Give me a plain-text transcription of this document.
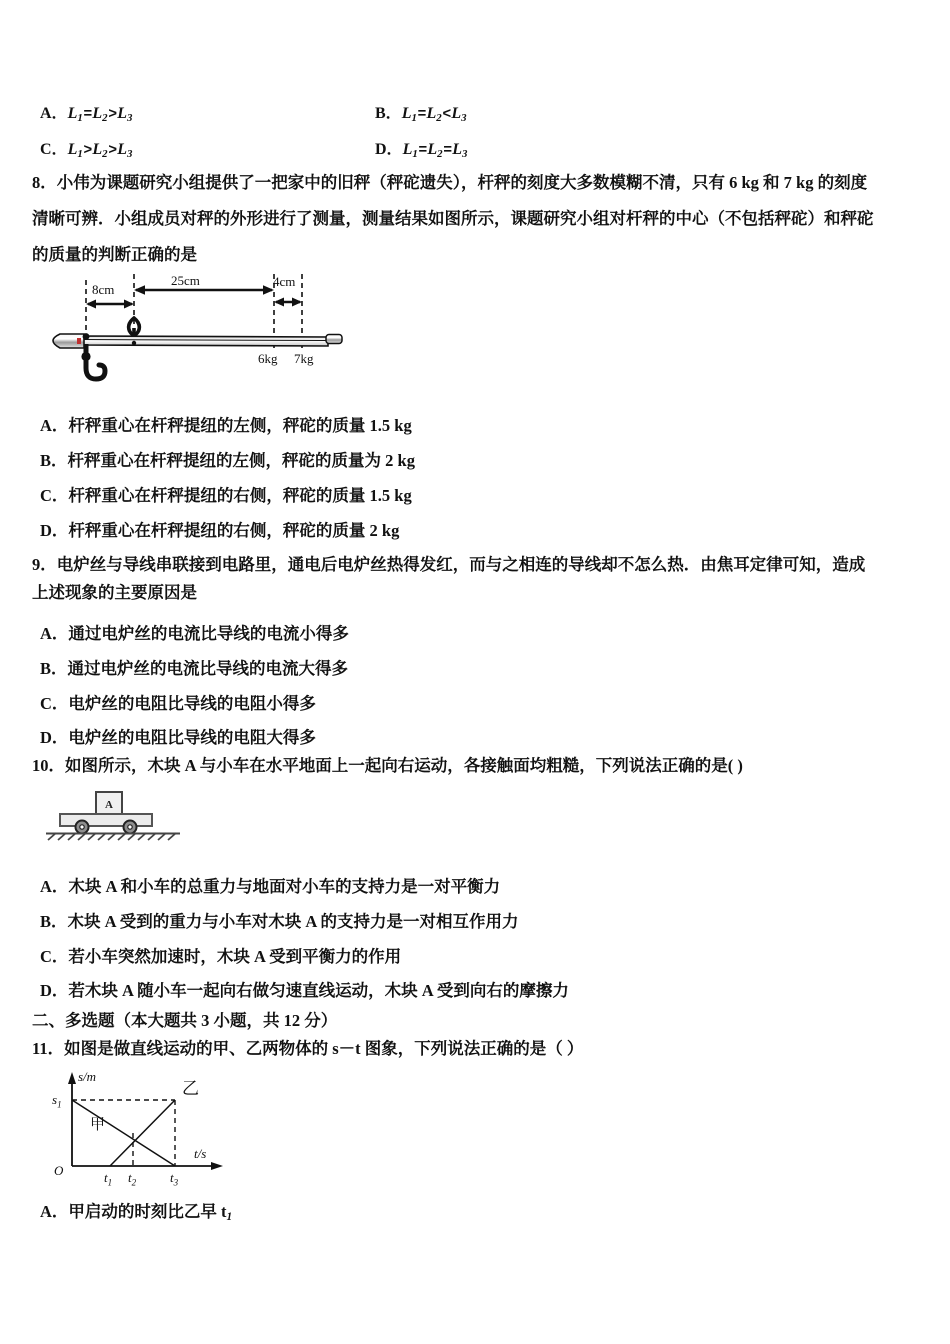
A．$L_1=L_2>L_3$	B．$L_1=L_2<L_3$
C．$L_1>L_2>L_3$	D．$L_1=L_2=L_3$
8．小伟为课题研究小组提供了一把家中的旧秤（秤砣遗失），杆秤的刻度大多数模糊不清，只有 6 kg 和 7 kg 的刻度
清晰可辨．小组成员对秤的外形进行了测量，测量结果如图所示，课题研究小组对杆秤的中心（不包括秤砣）和秤砣
的质量的判断正确的是
8cm
25cm	4cm
6kg 7kg
A．杆秤重心在杆秤提纽的左侧，秤砣的质量 1.5 kg
B．杆秤重心在杆秤提纽的左侧，秤砣的质量为 2 kg
C．杆秤重心在杆秤提纽的右侧，秤砣的质量 1.5 kg
D．杆秤重心在杆秤提纽的右侧，秤砣的质量 2 kg
9．电炉丝与导线串联接到电路里，通电后电炉丝热得发红，而与之相连的导线却不怎么热．由焦耳定律可知，造成
上述现象的主要原因是
A．通过电炉丝的电流比导线的电流小得多
B．通过电炉丝的电流比导线的电流大得多
C．电炉丝的电阻比导线的电阻小得多
D．电炉丝的电阻比导线的电阻大得多
10．如图所示，木块 A 与小车在水平地面上一起向右运动，各接触面均粗糙，下列说法正确的是( )
A
A．木块 A 和小车的总重力与地面对小车的支持力是一对平衡力
B．木块 A 受到的重力与小车对木块 A 的支持力是一对相互作用力
C．若小车突然加速时，木块 A 受到平衡力的作用
D．若木块 A 随小车一起向右做匀速直线运动，木块 A 受到向右的摩擦力
二、多选题（本大题共 3 小题，共 12 分）
11．如图是做直线运动的甲、乙两物体的 s－t 图象，下列说法正确的是（ ）
s/m
t/s
O
$s_1$
$t_1$ $t_2$	$t_3$
甲
乙
A．甲启动的时刻比乙早 $t_1$
